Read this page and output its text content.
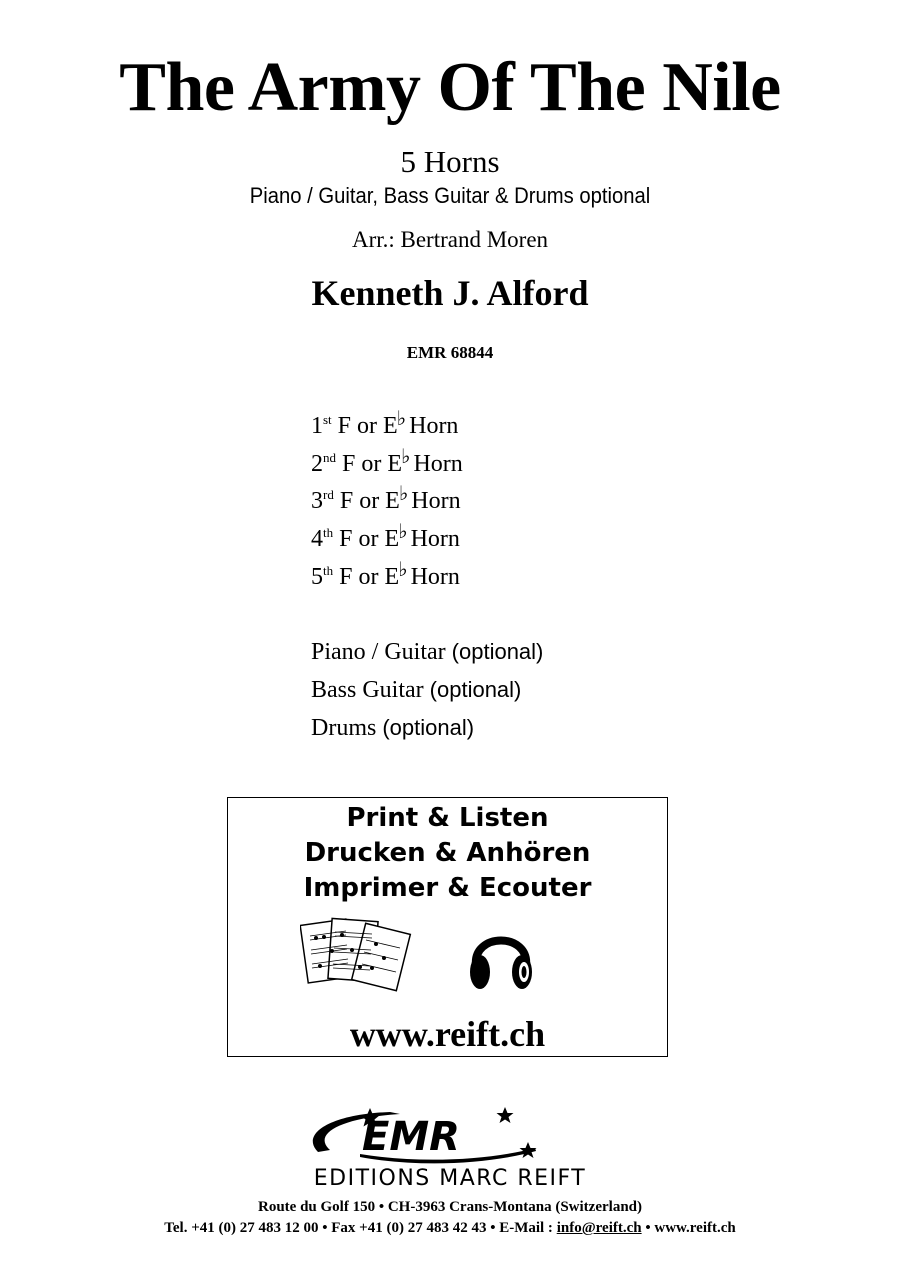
The Army Of The Nile
5 Horns
Piano / Guitar, Bass Guitar & Drums optional
Arr.: Bertrand Moren
Kenneth J. Alford
EMR 68844
1st F or E♭ Horn
2nd F or E♭ Horn
3rd F or E♭ Horn
4th F or E♭ Horn
5th F or E♭ Horn
Piano / Guitar (optional)
Bass Guitar (optional)
Drums (optional)
Print & Listen
Drucken & Anhören
Imprimer & Ecouter
www.reift.ch
EMR
EDITIONS MARC REIFT
Route du Golf 150 • CH-3963 Crans-Montana (Switzerland)
Tel. +41 (0) 27 483 12 00 • Fax +41 (0) 27 483 42 43 • E-Mail : info@reift.ch • www.reift.ch
